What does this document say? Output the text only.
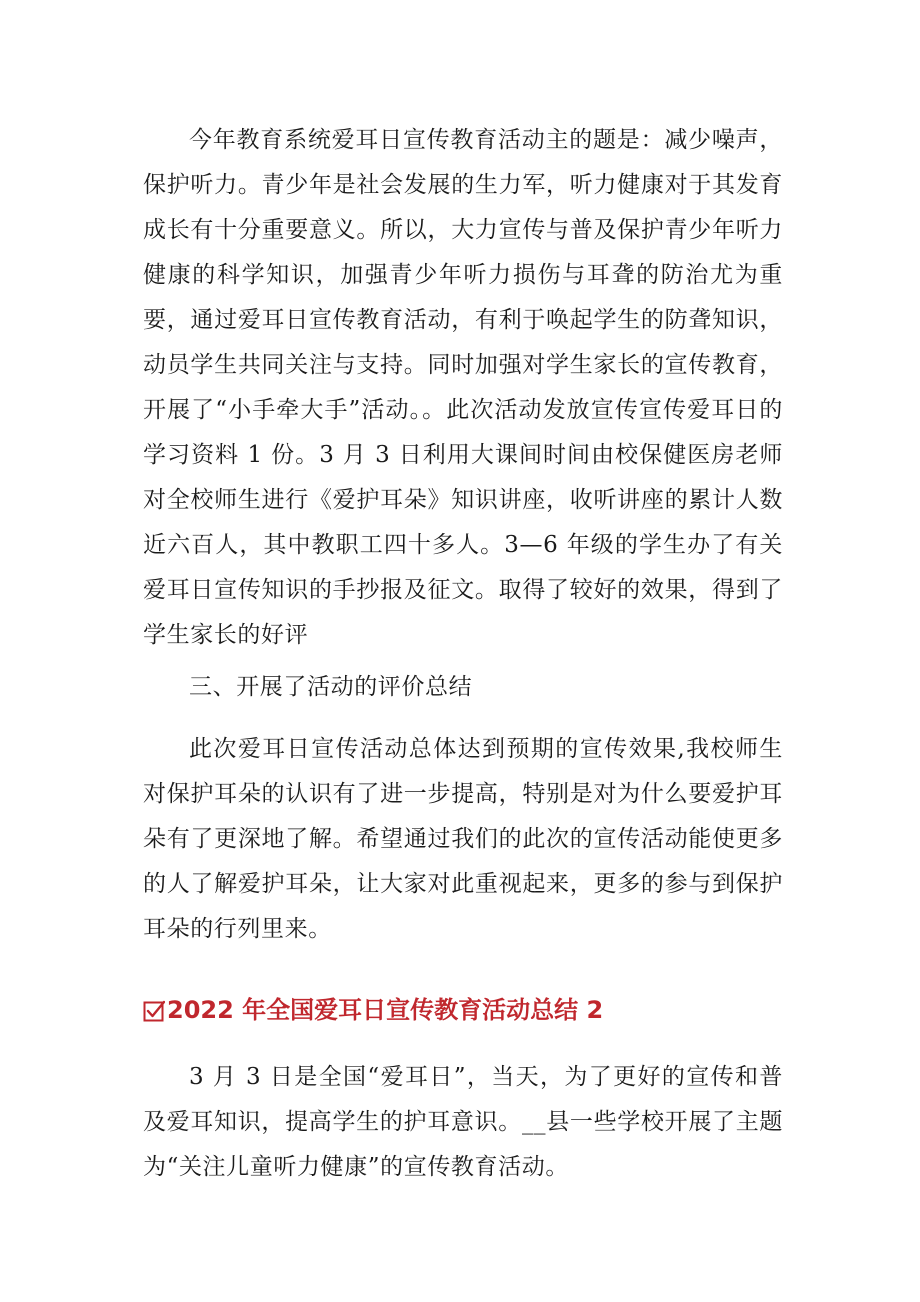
今年教育系统爱耳日宣传教育活动主的题是：减少噪声，保护听力。青少年是社会发展的生力军，听力健康对于其发育成长有十分重要意义。所以，大力宣传与普及保护青少年听力健康的科学知识，加强青少年听力损伤与耳聋的防治尤为重要，通过爱耳日宣传教育活动，有利于唤起学生的防聋知识，动员学生共同关注与支持。同时加强对学生家长的宣传教育，开展了“小手牵大手”活动。。此次活动发放宣传宣传爱耳日的学习资料 1 份。3 月 3 日利用大课间时间由校保健医房老师对全校师生进行《爱护耳朵》知识讲座，收听讲座的累计人数近六百人，其中教职工四十多人。3—6 年级的学生办了有关爱耳日宣传知识的手抄报及征文。取得了较好的效果，得到了学生家长的好评

三、开展了活动的评价总结

此次爱耳日宣传活动总体达到预期的宣传效果,我校师生对保护耳朵的认识有了进一步提高，特别是对为什么要爱护耳朵有了更深地了解。希望通过我们的此次的宣传活动能使更多的人了解爱护耳朵，让大家对此重视起来，更多的参与到保护耳朵的行列里来。

2022 年全国爱耳日宣传教育活动总结 2

3 月 3 日是全国“爱耳日”，当天，为了更好的宣传和普及爱耳知识，提高学生的护耳意识。__县一些学校开展了主题为“关注儿童听力健康”的宣传教育活动。
